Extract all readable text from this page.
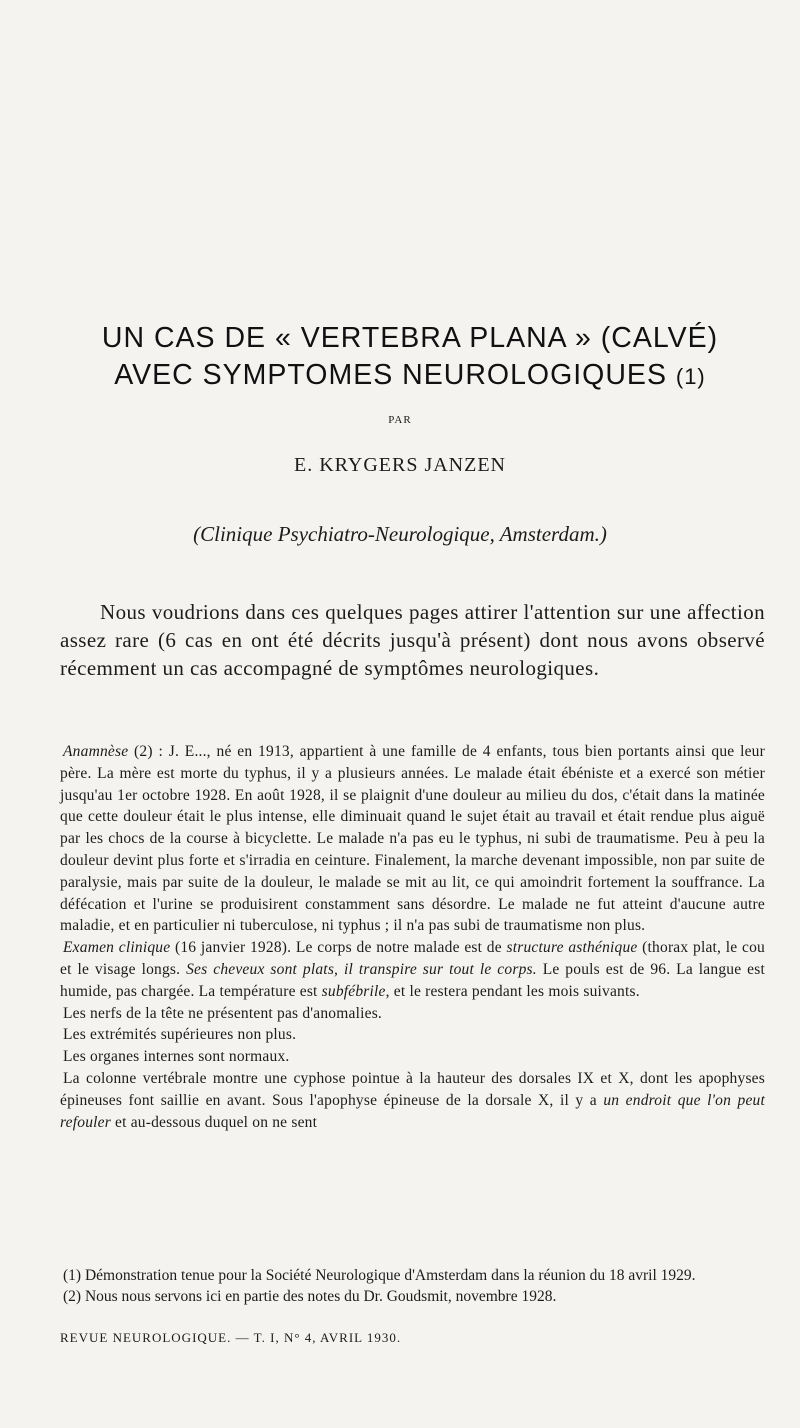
UN CAS DE « VERTEBRA PLANA » (CALVÉ)
AVEC SYMPTOMES NEUROLOGIQUES (1)
PAR
E. KRYGERS JANZEN
(Clinique Psychiatro-Neurologique, Amsterdam.)

Nous voudrions dans ces quelques pages attirer l'attention sur une affection assez rare (6 cas en ont été décrits jusqu'à présent) dont nous avons observé récemment un cas accompagné de symptômes neurologiques.

Anamnèse (2) : J. E..., né en 1913, appartient à une famille de 4 enfants, tous bien portants ainsi que leur père. La mère est morte du typhus, il y a plusieurs années. Le malade était ébéniste et a exercé son métier jusqu'au 1er octobre 1928. En août 1928, il se plaignit d'une douleur au milieu du dos, c'était dans la matinée que cette douleur était le plus intense, elle diminuait quand le sujet était au travail et était rendue plus aiguë par les chocs de la course à bicyclette. Le malade n'a pas eu le typhus, ni subi de traumatisme. Peu à peu la douleur devint plus forte et s'irradia en ceinture. Finalement, la marche devenant impossible, non par suite de paralysie, mais par suite de la douleur, le malade se mit au lit, ce qui amoindrit fortement la souffrance. La défécation et l'urine se produisirent constamment sans désordre. Le malade ne fut atteint d'aucune autre maladie, et en particulier ni tuberculose, ni typhus ; il n'a pas subi de traumatisme non plus.

Examen clinique (16 janvier 1928). Le corps de notre malade est de structure asthénique (thorax plat, le cou et le visage longs. Ses cheveux sont plats, il transpire sur tout le corps. Le pouls est de 96. La langue est humide, pas chargée. La température est subfébrile, et le restera pendant les mois suivants.

Les nerfs de la tête ne présentent pas d'anomalies.

Les extrémités supérieures non plus.

Les organes internes sont normaux.

La colonne vertébrale montre une cyphose pointue à la hauteur des dorsales IX et X, dont les apophyses épineuses font saillie en avant. Sous l'apophyse épineuse de la dorsale X, il y a un endroit que l'on peut refouler et au-dessous duquel on ne sent

(1) Démonstration tenue pour la Société Neurologique d'Amsterdam dans la réunion du 18 avril 1929.

(2) Nous nous servons ici en partie des notes du Dr. Goudsmit, novembre 1928.

REVUE NEUROLOGIQUE. — T. I, N° 4, AVRIL 1930.
